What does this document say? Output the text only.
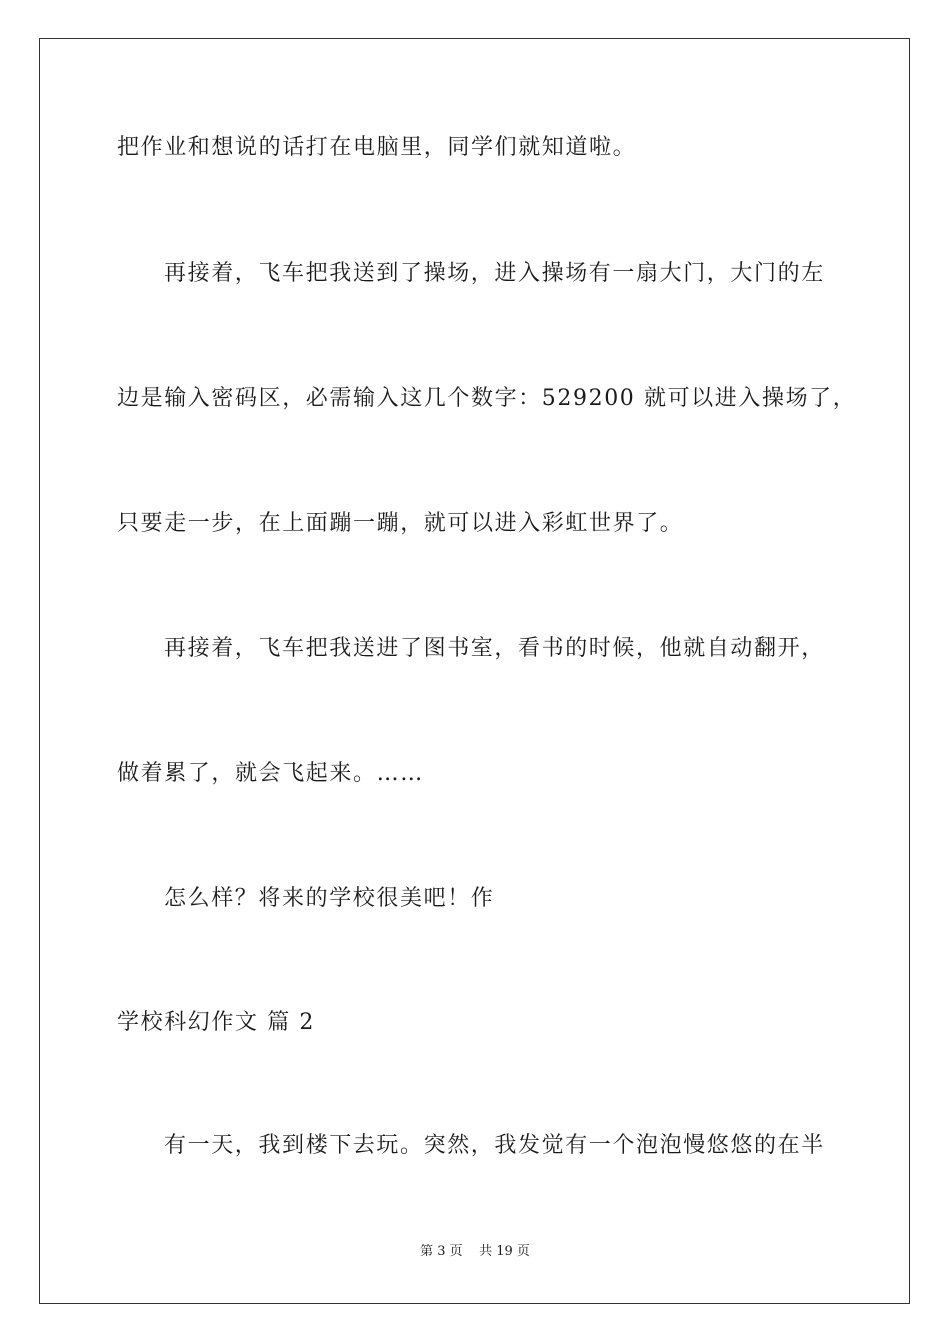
把作业和想说的话打在电脑里，同学们就知道啦。
再接着，飞车把我送到了操场，进入操场有一扇大门，大门的左
边是输入密码区，必需输入这几个数字：529200 就可以进入操场了，
只要走一步，在上面蹦一蹦，就可以进入彩虹世界了。
再接着，飞车把我送进了图书室，看书的时候，他就自动翻开，
做着累了，就会飞起来。……
怎么样？将来的学校很美吧！作
学校科幻作文 篇 2
有一天，我到楼下去玩。突然，我发觉有一个泡泡慢悠悠的在半
第 3 页    共 19 页
